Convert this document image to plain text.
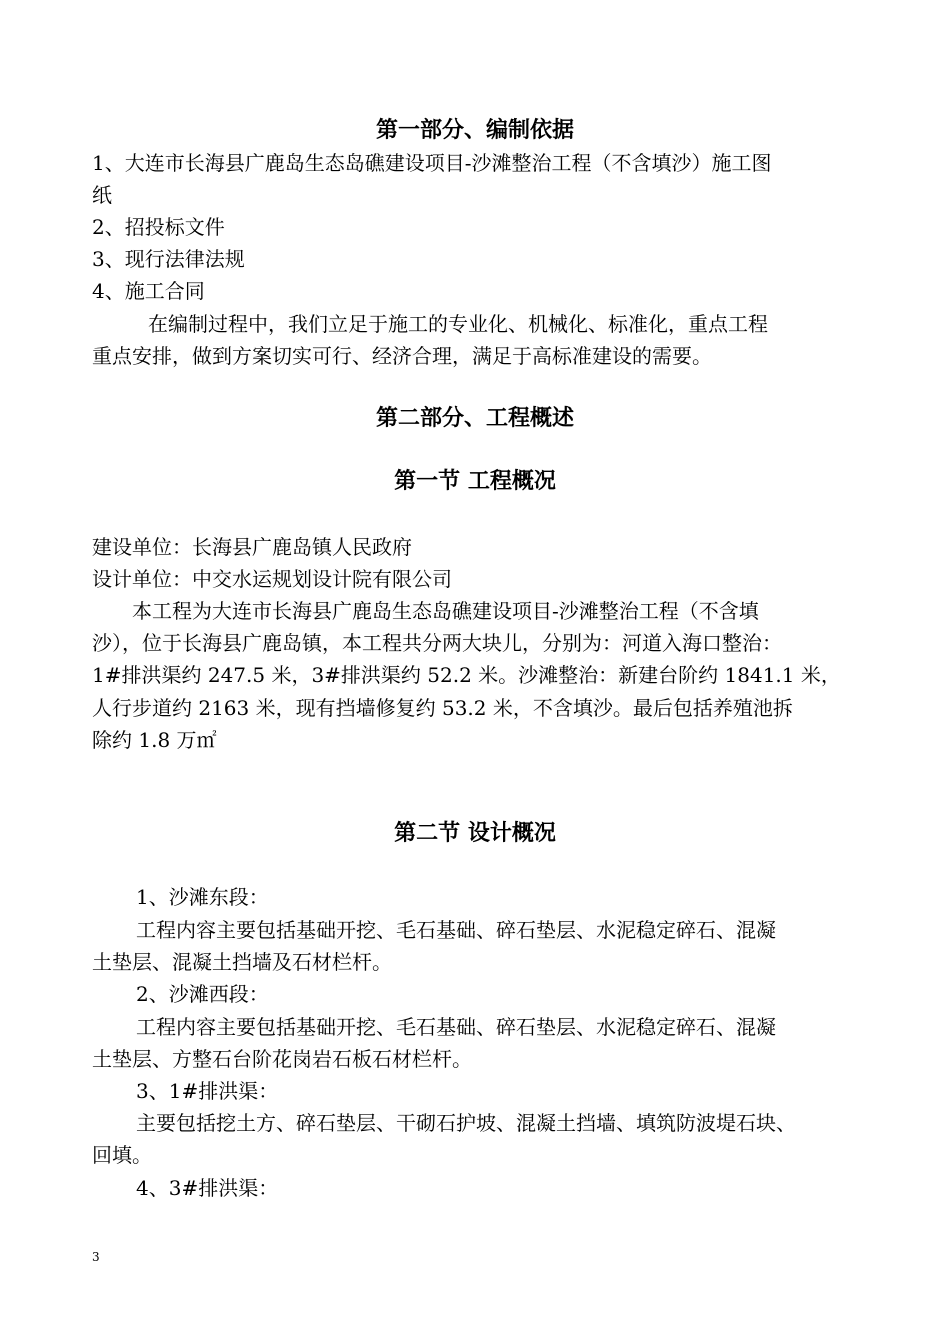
第一部分、编制依据

1、大连市长海县广鹿岛生态岛礁建设项目-沙滩整治工程（不含填沙）施工图

纸

2、招投标文件

3、现行法律法规

4、施工合同

在编制过程中，我们立足于施工的专业化、机械化、标准化，重点工程

重点安排，做到方案切实可行、经济合理，满足于高标准建设的需要。

第二部分、工程概述
第一节 工程概况

建设单位：长海县广鹿岛镇人民政府

设计单位：中交水运规划设计院有限公司

本工程为大连市长海县广鹿岛生态岛礁建设项目-沙滩整治工程（不含填

沙），位于长海县广鹿岛镇，本工程共分两大块儿，分别为：河道入海口整治：

1#排洪渠约 247.5 米，3#排洪渠约 52.2 米。沙滩整治：新建台阶约 1841.1 米，

人行步道约 2163 米，现有挡墙修复约 53.2 米，不含填沙。最后包括养殖池拆

除约 1.8 万㎡

第二节 设计概况

1、沙滩东段：

工程内容主要包括基础开挖、毛石基础、碎石垫层、水泥稳定碎石、混凝

土垫层、混凝土挡墙及石材栏杆。

2、沙滩西段：

工程内容主要包括基础开挖、毛石基础、碎石垫层、水泥稳定碎石、混凝

土垫层、方整石台阶花岗岩石板石材栏杆。

3、1#排洪渠：

主要包括挖土方、碎石垫层、干砌石护坡、混凝土挡墙、填筑防波堤石块、

回填。

4、3#排洪渠：

3
